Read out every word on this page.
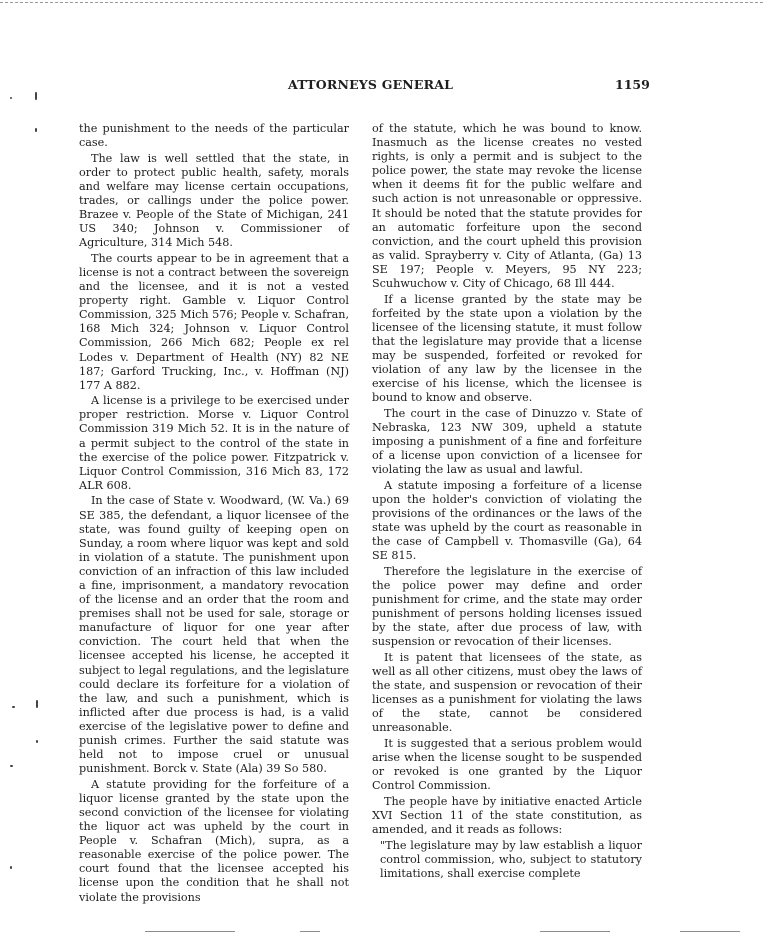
ATTORNEYS GENERAL	1159

the punishment to the needs of the particular case.

The law is well settled that the state, in order to protect public health, safety, morals and welfare may license certain occupations, trades, or callings under the police power. Brazee v. People of the State of Michigan, 241 US 340; Johnson v. Commissioner of Agriculture, 314 Mich 548.

The courts appear to be in agreement that a license is not a contract between the sovereign and the licensee, and it is not a vested property right. Gamble v. Liquor Control Commission, 325 Mich 576; People v. Schafran, 168 Mich 324; Johnson v. Liquor Control Commission, 266 Mich 682; People ex rel Lodes v. Department of Health (NY) 82 NE 187; Garford Trucking, Inc., v. Hoffman (NJ) 177 A 882.

A license is a privilege to be exercised under proper restriction. Morse v. Liquor Control Commission 319 Mich 52. It is in the nature of a permit subject to the control of the state in the exercise of the police power. Fitzpatrick v. Liquor Control Commission, 316 Mich 83, 172 ALR 608.

In the case of State v. Woodward, (W. Va.) 69 SE 385, the defendant, a liquor licensee of the state, was found guilty of keeping open on Sunday, a room where liquor was kept and sold in violation of a statute. The punishment upon conviction of an infraction of this law included a fine, imprisonment, a mandatory revocation of the license and an order that the room and premises shall not be used for sale, storage or manufacture of liquor for one year after conviction. The court held that when the licensee accepted his license, he accepted it subject to legal regulations, and the legislature could declare its forfeiture for a violation of the law, and such a punishment, which is inflicted after due process is had, is a valid exercise of the legislative power to define and punish crimes. Further the said statute was held not to impose cruel or unusual punishment. Borck v. State (Ala) 39 So 580.

A statute providing for the forfeiture of a liquor license granted by the state upon the second conviction of the licensee for violating the liquor act was upheld by the court in People v. Schafran (Mich), supra, as a reasonable exercise of the police power. The court found that the licensee accepted his license upon the condition that he shall not violate the provisions

of the statute, which he was bound to know. Inasmuch as the license creates no vested rights, is only a permit and is subject to the police power, the state may revoke the license when it deems fit for the public welfare and such action is not unreasonable or oppressive. It should be noted that the statute provides for an automatic forfeiture upon the second conviction, and the court upheld this provision as valid. Sprayberry v. City of Atlanta, (Ga) 13 SE 197; People v. Meyers, 95 NY 223; Scuhwuchow v. City of Chicago, 68 Ill 444.

If a license granted by the state may be forfeited by the state upon a violation by the licensee of the licensing statute, it must follow that the legislature may provide that a license may be suspended, forfeited or revoked for violation of any law by the licensee in the exercise of his license, which the licensee is bound to know and observe.

The court in the case of Dinuzzo v. State of Nebraska, 123 NW 309, upheld a statute imposing a punishment of a fine and forfeiture of a license upon conviction of a licensee for violating the law as usual and lawful.

A statute imposing a forfeiture of a license upon the holder's conviction of violating the provisions of the ordinances or the laws of the state was upheld by the court as reasonable in the case of Campbell v. Thomasville (Ga), 64 SE 815.

Therefore the legislature in the exercise of the police power may define and order punishment for crime, and the state may order punishment of persons holding licenses issued by the state, after due process of law, with suspension or revocation of their licenses.

It is patent that licensees of the state, as well as all other citizens, must obey the laws of the state, and suspension or revocation of their licenses as a punishment for violating the laws of the state, cannot be considered unreasonable.

It is suggested that a serious problem would arise when the license sought to be suspended or revoked is one granted by the Liquor Control Commission.

The people have by initiative enacted Article XVI Section 11 of the state constitution, as amended, and it reads as follows:

"The legislature may by law establish a liquor control commission, who, subject to statutory limitations, shall exercise complete
